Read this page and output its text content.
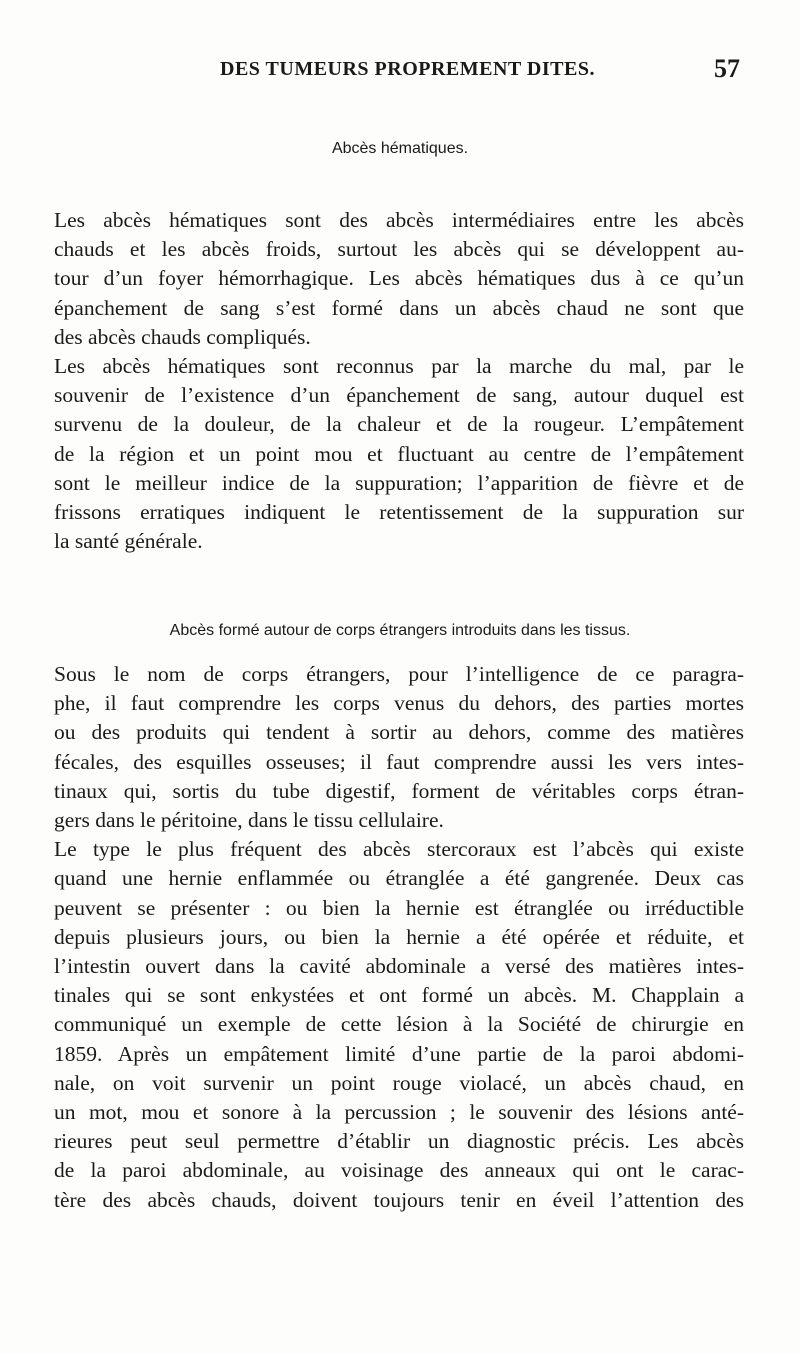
DES TUMEURS PROPREMENT DITES.	57
Abcès hématiques.
Les abcès hématiques sont des abcès intermédiaires entre les abcès
chauds et les abcès froids, surtout les abcès qui se développent au-
tour d’un foyer hémorrhagique. Les abcès hématiques dus à ce qu’un
épanchement de sang s’est formé dans un abcès chaud ne sont que
des abcès chauds compliqués.
Les abcès hématiques sont reconnus par la marche du mal, par le
souvenir de l’existence d’un épanchement de sang, autour duquel est
survenu de la douleur, de la chaleur et de la rougeur. L’empâtement
de la région et un point mou et fluctuant au centre de l’empâtement
sont le meilleur indice de la suppuration; l’apparition de fièvre et de
frissons erratiques indiquent le retentissement de la suppuration sur
la santé générale.
Abcès formé autour de corps étrangers introduits dans les tissus.
Sous le nom de corps étrangers, pour l’intelligence de ce paragra-
phe, il faut comprendre les corps venus du dehors, des parties mortes
ou des produits qui tendent à sortir au dehors, comme des matières
fécales, des esquilles osseuses; il faut comprendre aussi les vers intes-
tinaux qui, sortis du tube digestif, forment de véritables corps étran-
gers dans le péritoine, dans le tissu cellulaire.
Le type le plus fréquent des abcès stercoraux est l’abcès qui existe
quand une hernie enflammée ou étranglée a été gangrenée. Deux cas
peuvent se présenter : ou bien la hernie est étranglée ou irréductible
depuis plusieurs jours, ou bien la hernie a été opérée et réduite, et
l’intestin ouvert dans la cavité abdominale a versé des matières intes-
tinales qui se sont enkystées et ont formé un abcès. M. Chapplain a
communiqué un exemple de cette lésion à la Société de chirurgie en
1859. Après un empâtement limité d’une partie de la paroi abdomi-
nale, on voit survenir un point rouge violacé, un abcès chaud, en
un mot, mou et sonore à la percussion ; le souvenir des lésions anté-
rieures peut seul permettre d’établir un diagnostic précis. Les abcès
de la paroi abdominale, au voisinage des anneaux qui ont le carac-
tère des abcès chauds, doivent toujours tenir en éveil l’attention des
